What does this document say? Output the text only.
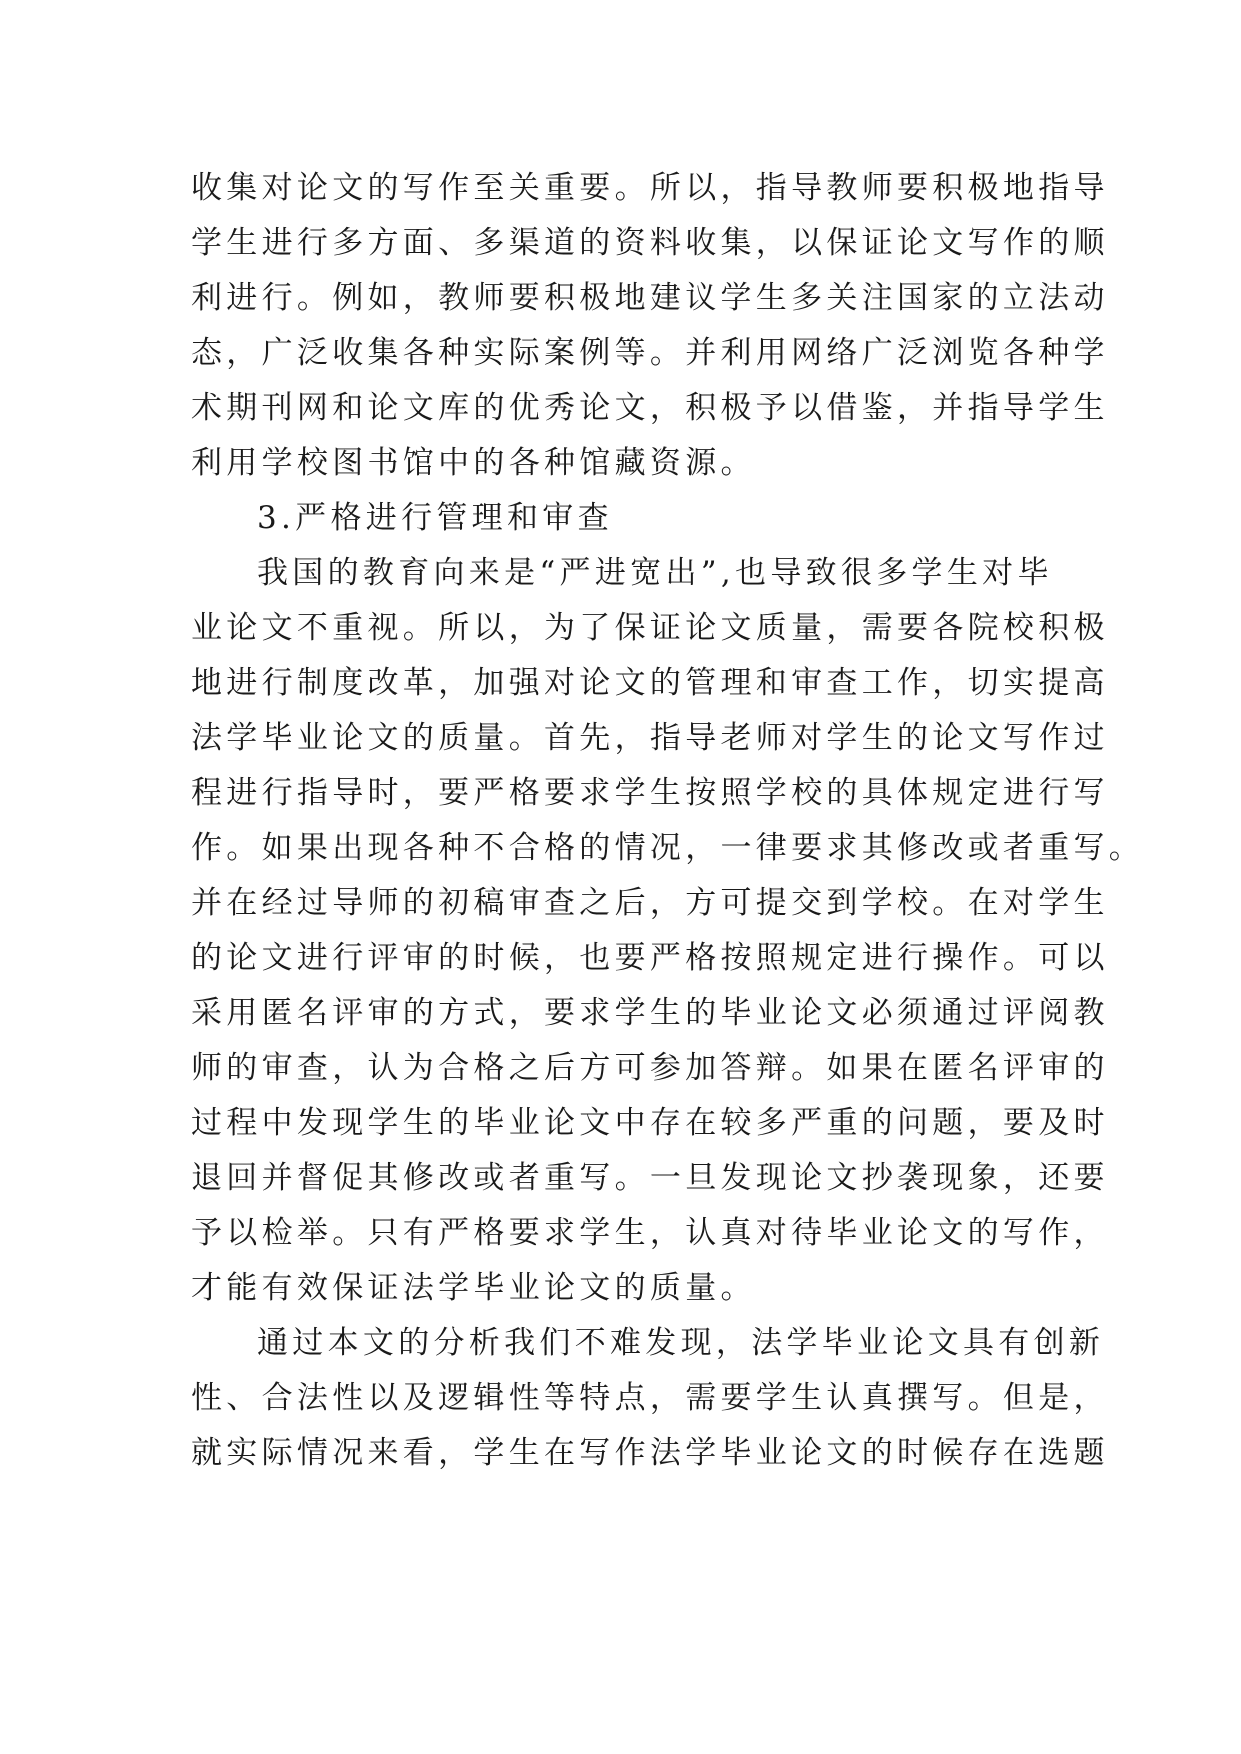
收集对论文的写作至关重要。所以，指导教师要积极地指导
学生进行多方面、多渠道的资料收集，以保证论文写作的顺
利进行。例如，教师要积极地建议学生多关注国家的立法动
态，广泛收集各种实际案例等。并利用网络广泛浏览各种学
术期刊网和论文库的优秀论文，积极予以借鉴，并指导学生
利用学校图书馆中的各种馆藏资源。
3.严格进行管理和审查
我国的教育向来是“严进宽出”,也导致很多学生对毕
业论文不重视。所以，为了保证论文质量，需要各院校积极
地进行制度改革，加强对论文的管理和审查工作，切实提高
法学毕业论文的质量。首先，指导老师对学生的论文写作过
程进行指导时，要严格要求学生按照学校的具体规定进行写
作。如果出现各种不合格的情况，一律要求其修改或者重写。
并在经过导师的初稿审查之后，方可提交到学校。在对学生
的论文进行评审的时候，也要严格按照规定进行操作。可以
采用匿名评审的方式，要求学生的毕业论文必须通过评阅教
师的审查，认为合格之后方可参加答辩。如果在匿名评审的
过程中发现学生的毕业论文中存在较多严重的问题，要及时
退回并督促其修改或者重写。一旦发现论文抄袭现象，还要
予以检举。只有严格要求学生，认真对待毕业论文的写作，
才能有效保证法学毕业论文的质量。
通过本文的分析我们不难发现，法学毕业论文具有创新
性、合法性以及逻辑性等特点，需要学生认真撰写。但是，
就实际情况来看，学生在写作法学毕业论文的时候存在选题
